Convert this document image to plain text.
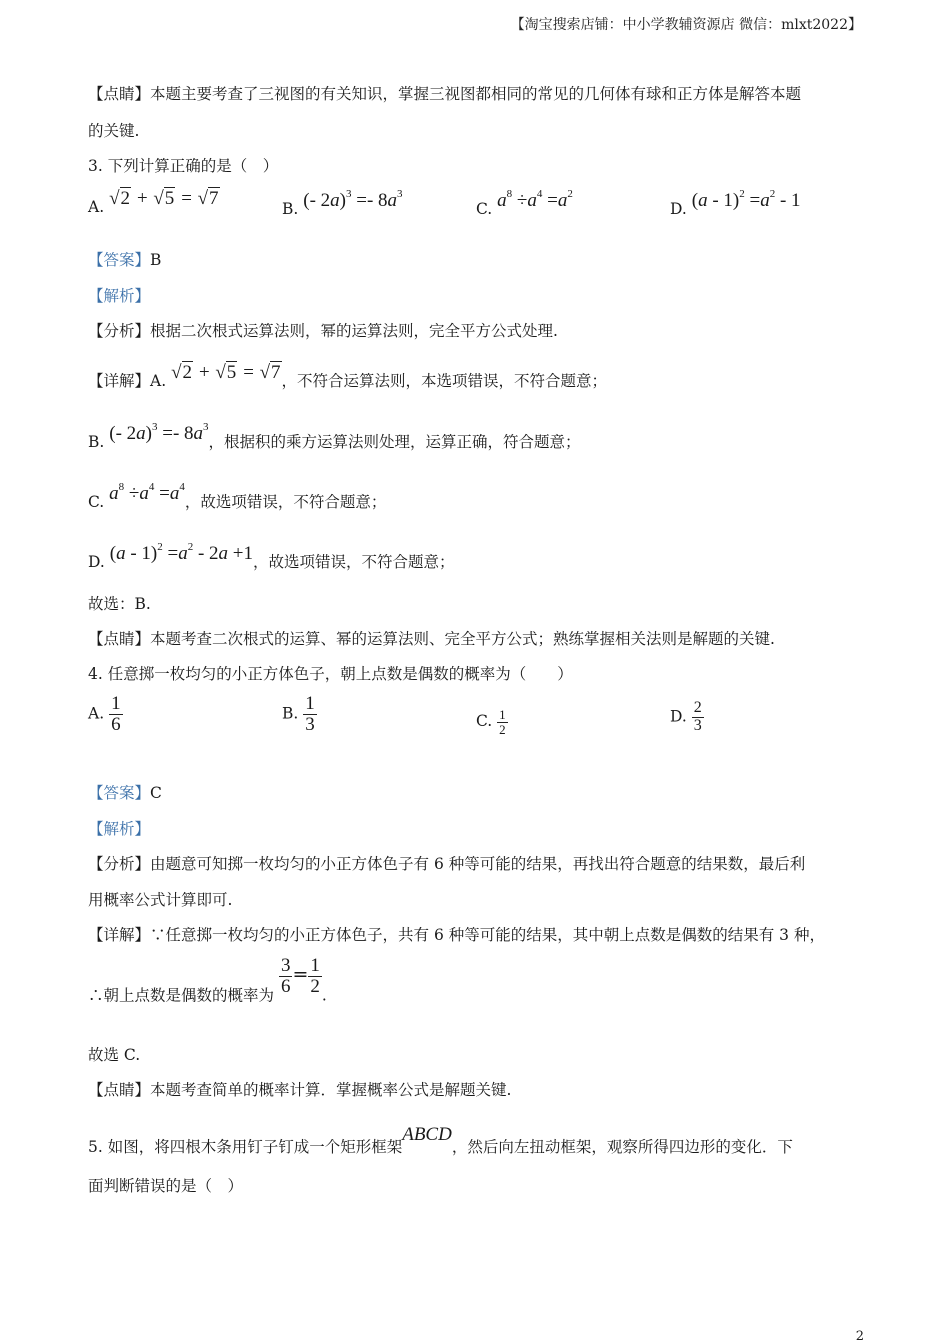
【淘宝搜索店铺：中小学教辅资源店 微信：mlxt2022】
【点睛】本题主要考查了三视图的有关知识，掌握三视图都相同的常见的几何体有球和正方体是解答本题
的关键.
3. 下列计算正确的是（　）
A. √2 + √5 = √7	B. (- $2a)^3 =- 8a^3$
C. $a^8 \div a^4 =a^2$
D. $(a - 1)^2 =a^2 - 1$
【答案】B
【解析】
【分析】根据二次根式运算法则，幂的运算法则，完全平方公式处理.
【详解】A. √2 + √5 = √7，不符合运算法则，本选项错误，不符合题意；
B. (- $2a)^3 =- 8a^3$，根据积的乘方运算法则处理，运算正确，符合题意；
C. $a^8 \div a^4 =a^4$，故选项错误，不符合题意；
D. $(a - 1)^2 =a^2 - 2a +1$，故选项错误，不符合题意；
故选：B.
【点睛】本题考查二次根式的运算、幂的运算法则、完全平方公式；熟练掌握相关法则是解题的关键.
4. 任意掷一枚均匀的小正方体色子，朝上点数是偶数的概率为（　　）
A. $\frac{1}{6}$	B. $\frac{1}{3}$	C. $\frac{1}{2}$	D. $\frac{2}{3}$
【答案】C
【解析】
【分析】由题意可知掷一枚均匀的小正方体色子有 6 种等可能的结果，再找出符合题意的结果数，最后利
用概率公式计算即可.
【详解】∵任意掷一枚均匀的小正方体色子，共有 6 种等可能的结果，其中朝上点数是偶数的结果有 3 种，
∴朝上点数是偶数的概率为 $\frac{3}{6} = \frac{1}{2}$ .
故选 C.
【点睛】本题考查简单的概率计算．掌握概率公式是解题关键.
5. 如图，将四根木条用钉子钉成一个矩形框架ABCD，然后向左扭动框架，观察所得四边形的变化．下
面判断错误的是（　）
2
